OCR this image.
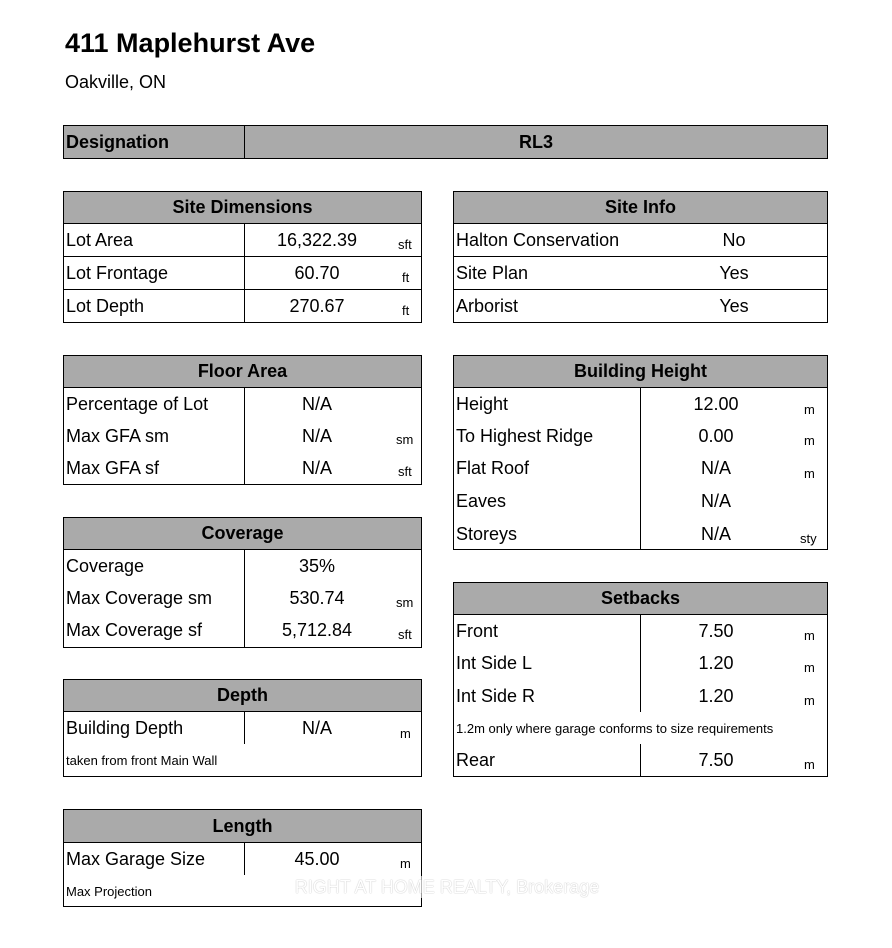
411 Maplehurst Ave
Oakville, ON
Designation	RL3
Site Dimensions
Lot Area	16,322.39	sft
Lot Frontage	60.70	ft
Lot Depth	270.67	ft
Site Info
Halton Conservation	No
Site Plan	Yes
Arborist	Yes
Floor Area
Percentage of Lot	N/A
Max GFA sm	N/A	sm
Max GFA sf	N/A	sft
Building Height
Height	12.00	m
To Highest Ridge	0.00	m
Flat Roof	N/A	m
Eaves	N/A
Storeys	N/A	sty
Coverage
Coverage	35%
Max Coverage sm	530.74	sm
Max Coverage sf	5,712.84	sft
Setbacks
Front	7.50	m
Int Side L	1.20	m
Int Side R	1.20	m
1.2m only where garage conforms to size requirements
Rear	7.50	m
Depth
Building Depth	N/A	m
taken from front Main Wall
Length
Max Garage Size	45.00	m
Max Projection	RIGHT AT HOME REALTY, Brokerage
